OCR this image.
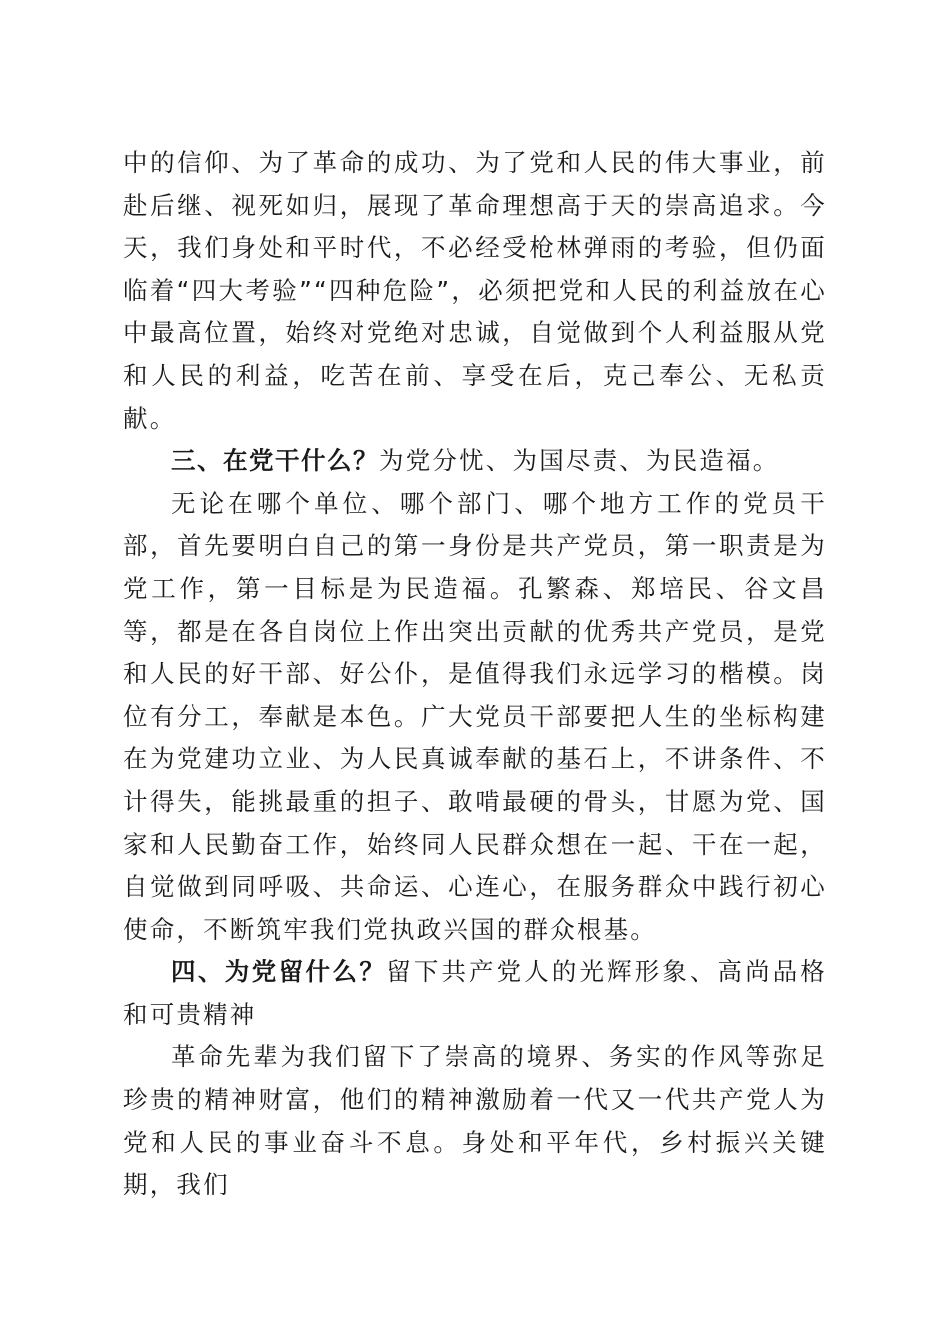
中的信仰、为了革命的成功、为了党和人民的伟大事业，前赴后继、视死如归，展现了革命理想高于天的崇高追求。今天，我们身处和平时代，不必经受枪林弹雨的考验，但仍面临着“四大考验”“四种危险”，必须把党和人民的利益放在心中最高位置，始终对党绝对忠诚，自觉做到个人利益服从党和人民的利益，吃苦在前、享受在后，克己奉公、无私贡献。

三、在党干什么？为党分忧、为国尽责、为民造福。

无论在哪个单位、哪个部门、哪个地方工作的党员干部，首先要明白自己的第一身份是共产党员，第一职责是为党工作，第一目标是为民造福。孔繁森、郑培民、谷文昌等，都是在各自岗位上作出突出贡献的优秀共产党员，是党和人民的好干部、好公仆，是值得我们永远学习的楷模。岗位有分工，奉献是本色。广大党员干部要把人生的坐标构建在为党建功立业、为人民真诚奉献的基石上，不讲条件、不计得失，能挑最重的担子、敢啃最硬的骨头，甘愿为党、国家和人民勤奋工作，始终同人民群众想在一起、干在一起，自觉做到同呼吸、共命运、心连心，在服务群众中践行初心使命，不断筑牢我们党执政兴国的群众根基。

四、为党留什么？留下共产党人的光辉形象、高尚品格和可贵精神

革命先辈为我们留下了崇高的境界、务实的作风等弥足珍贵的精神财富，他们的精神激励着一代又一代共产党人为党和人民的事业奋斗不息。身处和平年代，乡村振兴关键期，我们
